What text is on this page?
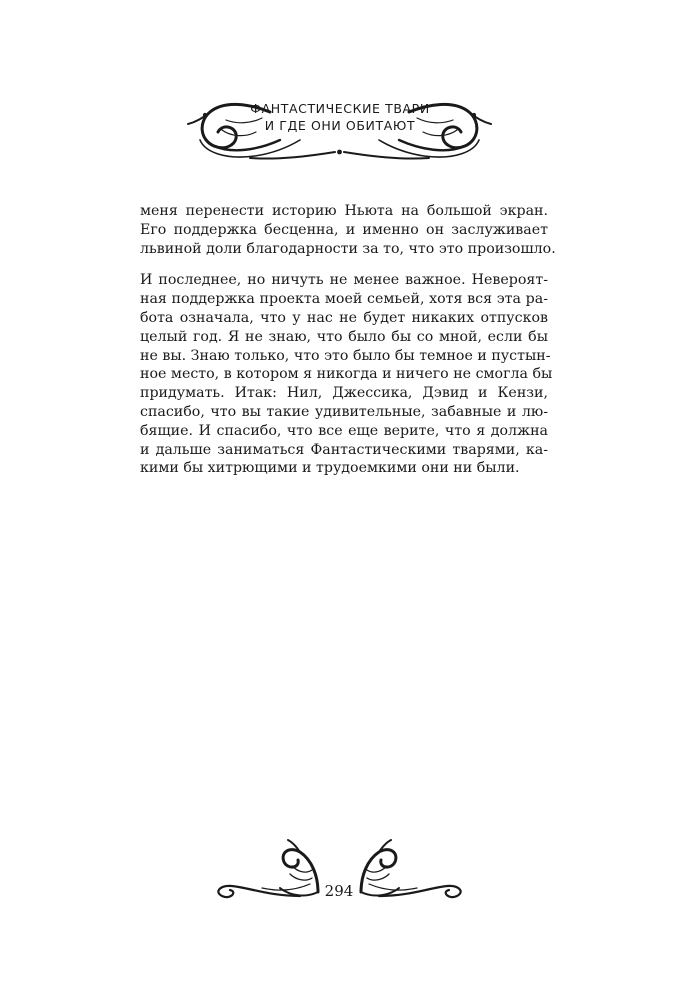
ФАНТАСТИЧЕСКИЕ ТВАРИ
И ГДЕ ОНИ ОБИТАЮТ

меня перенести историю Ньюта на большой экран.
Его поддержка бесценна, и именно он заслуживает
львиной доли благодарности за то, что это произошло.

И последнее, но ничуть не менее важное. Невероят-
ная поддержка проекта моей семьей, хотя вся эта ра-
бота означала, что у нас не будет никаких отпусков
целый год. Я не знаю, что было бы со мной, если бы
не вы. Знаю только, что это было бы темное и пустын-
ное место, в котором я никогда и ничего не смогла бы
придумать. Итак: Нил, Джессика, Дэвид и Кензи,
спасибо, что вы такие удивительные, забавные и лю-
бящие. И спасибо, что все еще верите, что я должна
и дальше заниматься Фантастическими тварями, ка-
кими бы хитрющими и трудоемкими они ни были.

294
